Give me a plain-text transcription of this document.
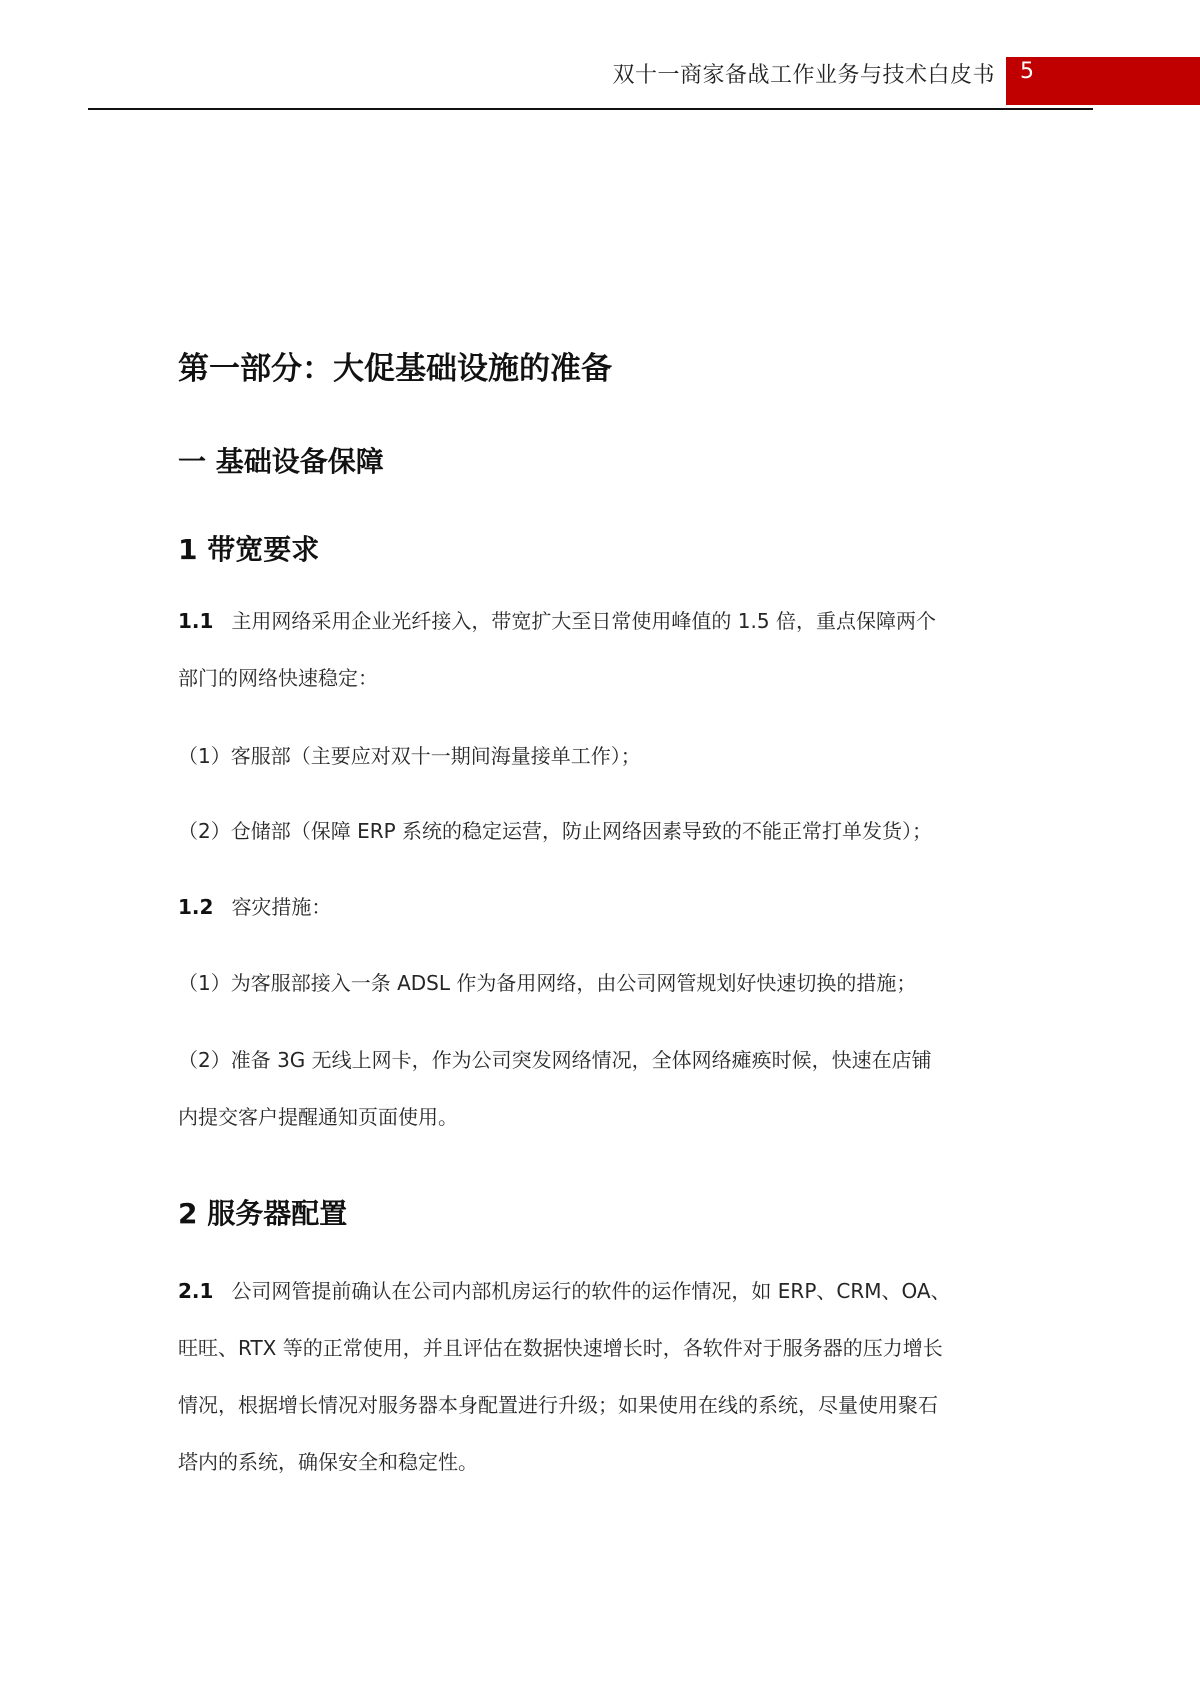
双十一商家备战工作业务与技术白皮书 5
第一部分：大促基础设施的准备
一 基础设备保障
1 带宽要求
1.1 主用网络采用企业光纤接入，带宽扩大至日常使用峰值的 1.5 倍，重点保障两个
部门的网络快速稳定：
（1）客服部（主要应对双十一期间海量接单工作）；
（2）仓储部（保障 ERP 系统的稳定运营，防止网络因素导致的不能正常打单发货）；
1.2 容灾措施：
（1）为客服部接入一条 ADSL 作为备用网络，由公司网管规划好快速切换的措施；
（2）准备 3G 无线上网卡，作为公司突发网络情况，全体网络瘫痪时候，快速在店铺
内提交客户提醒通知页面使用。
2 服务器配置
2.1 公司网管提前确认在公司内部机房运行的软件的运作情况，如 ERP、CRM、OA、
旺旺、RTX 等的正常使用，并且评估在数据快速增长时，各软件对于服务器的压力增长
情况，根据增长情况对服务器本身配置进行升级；如果使用在线的系统，尽量使用聚石
塔内的系统，确保安全和稳定性。
